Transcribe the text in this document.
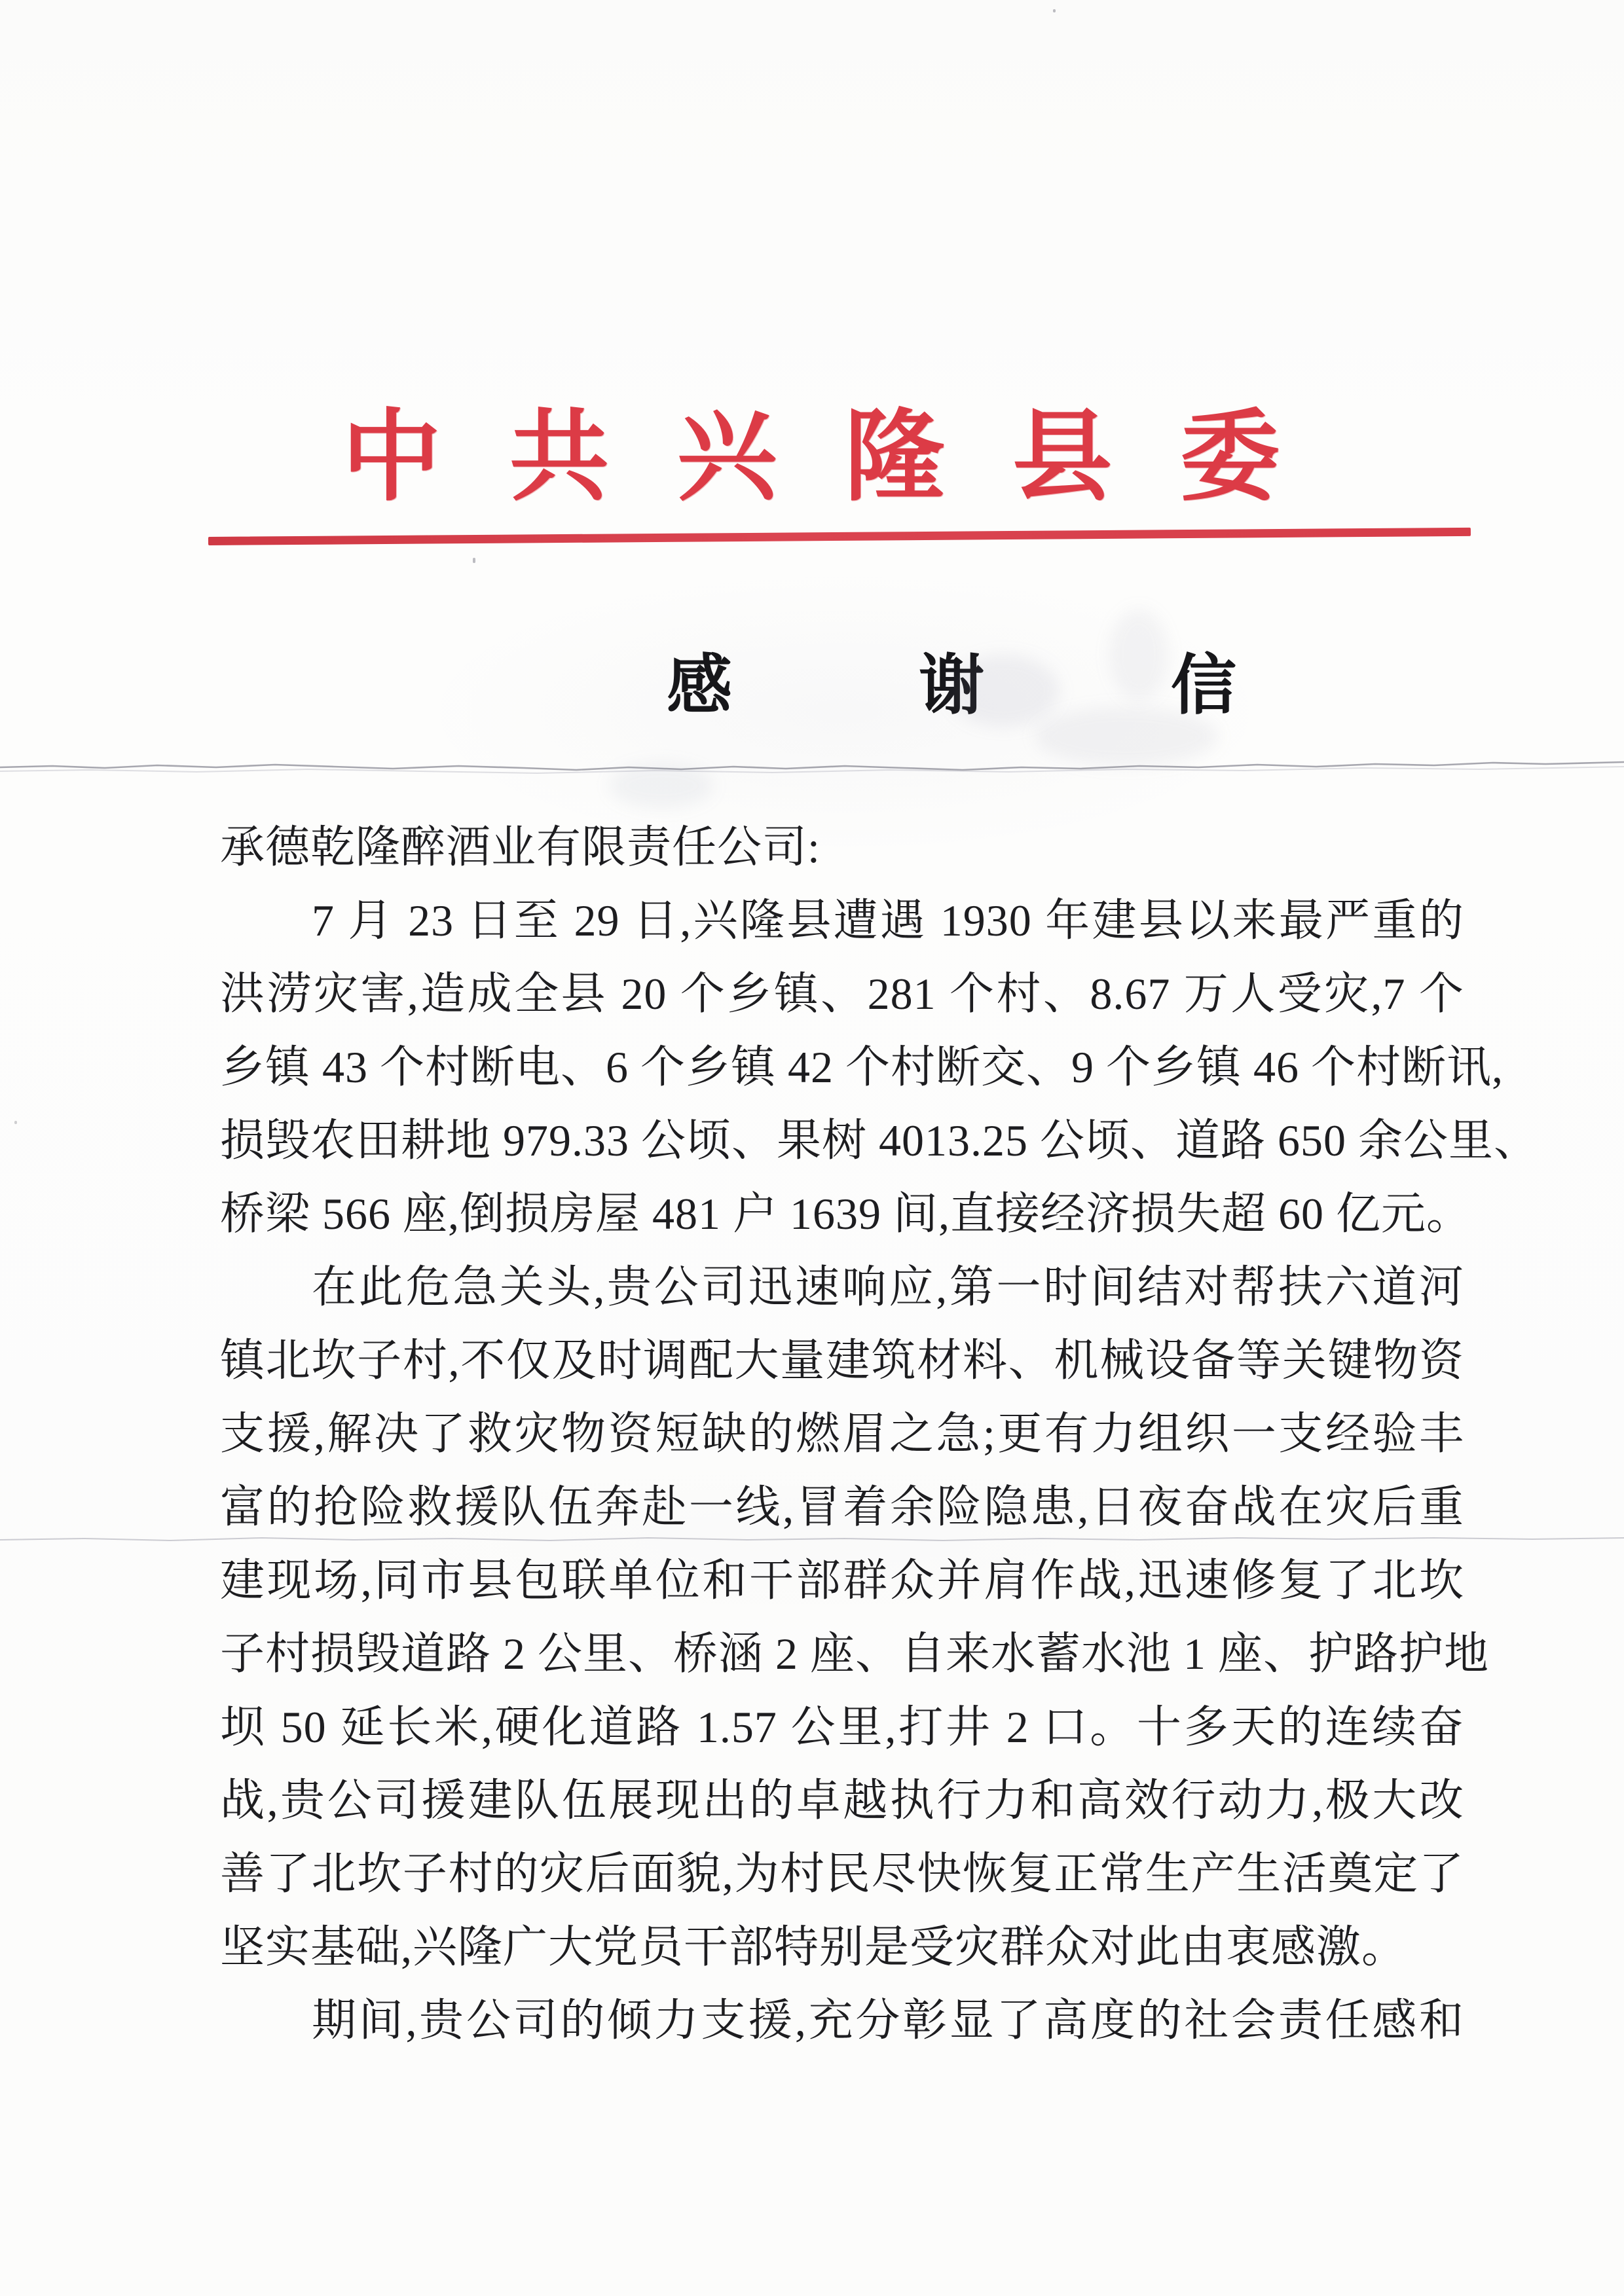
中共兴隆县委
感 谢 信
承德乾隆醉酒业有限责任公司:
7 月 23 日至 29 日,兴隆县遭遇 1930 年建县以来最严重的
洪涝灾害,造成全县 20 个乡镇、281 个村、8.67 万人受灾,7 个
乡镇 43 个村断电、6 个乡镇 42 个村断交、9 个乡镇 46 个村断讯,
损毁农田耕地 979.33 公顷、果树 4013.25 公顷、道路 650 余公里、
桥梁 566 座,倒损房屋 481 户 1639 间,直接经济损失超 60 亿元。
在此危急关头,贵公司迅速响应,第一时间结对帮扶六道河
镇北坎子村,不仅及时调配大量建筑材料、机械设备等关键物资
支援,解决了救灾物资短缺的燃眉之急;更有力组织一支经验丰
富的抢险救援队伍奔赴一线,冒着余险隐患,日夜奋战在灾后重
建现场,同市县包联单位和干部群众并肩作战,迅速修复了北坎
子村损毁道路 2 公里、桥涵 2 座、自来水蓄水池 1 座、护路护地
坝 50 延长米,硬化道路 1.57 公里,打井 2 口。十多天的连续奋
战,贵公司援建队伍展现出的卓越执行力和高效行动力,极大改
善了北坎子村的灾后面貌,为村民尽快恢复正常生产生活奠定了
坚实基础,兴隆广大党员干部特别是受灾群众对此由衷感激。
期间,贵公司的倾力支援,充分彰显了高度的社会责任感和
